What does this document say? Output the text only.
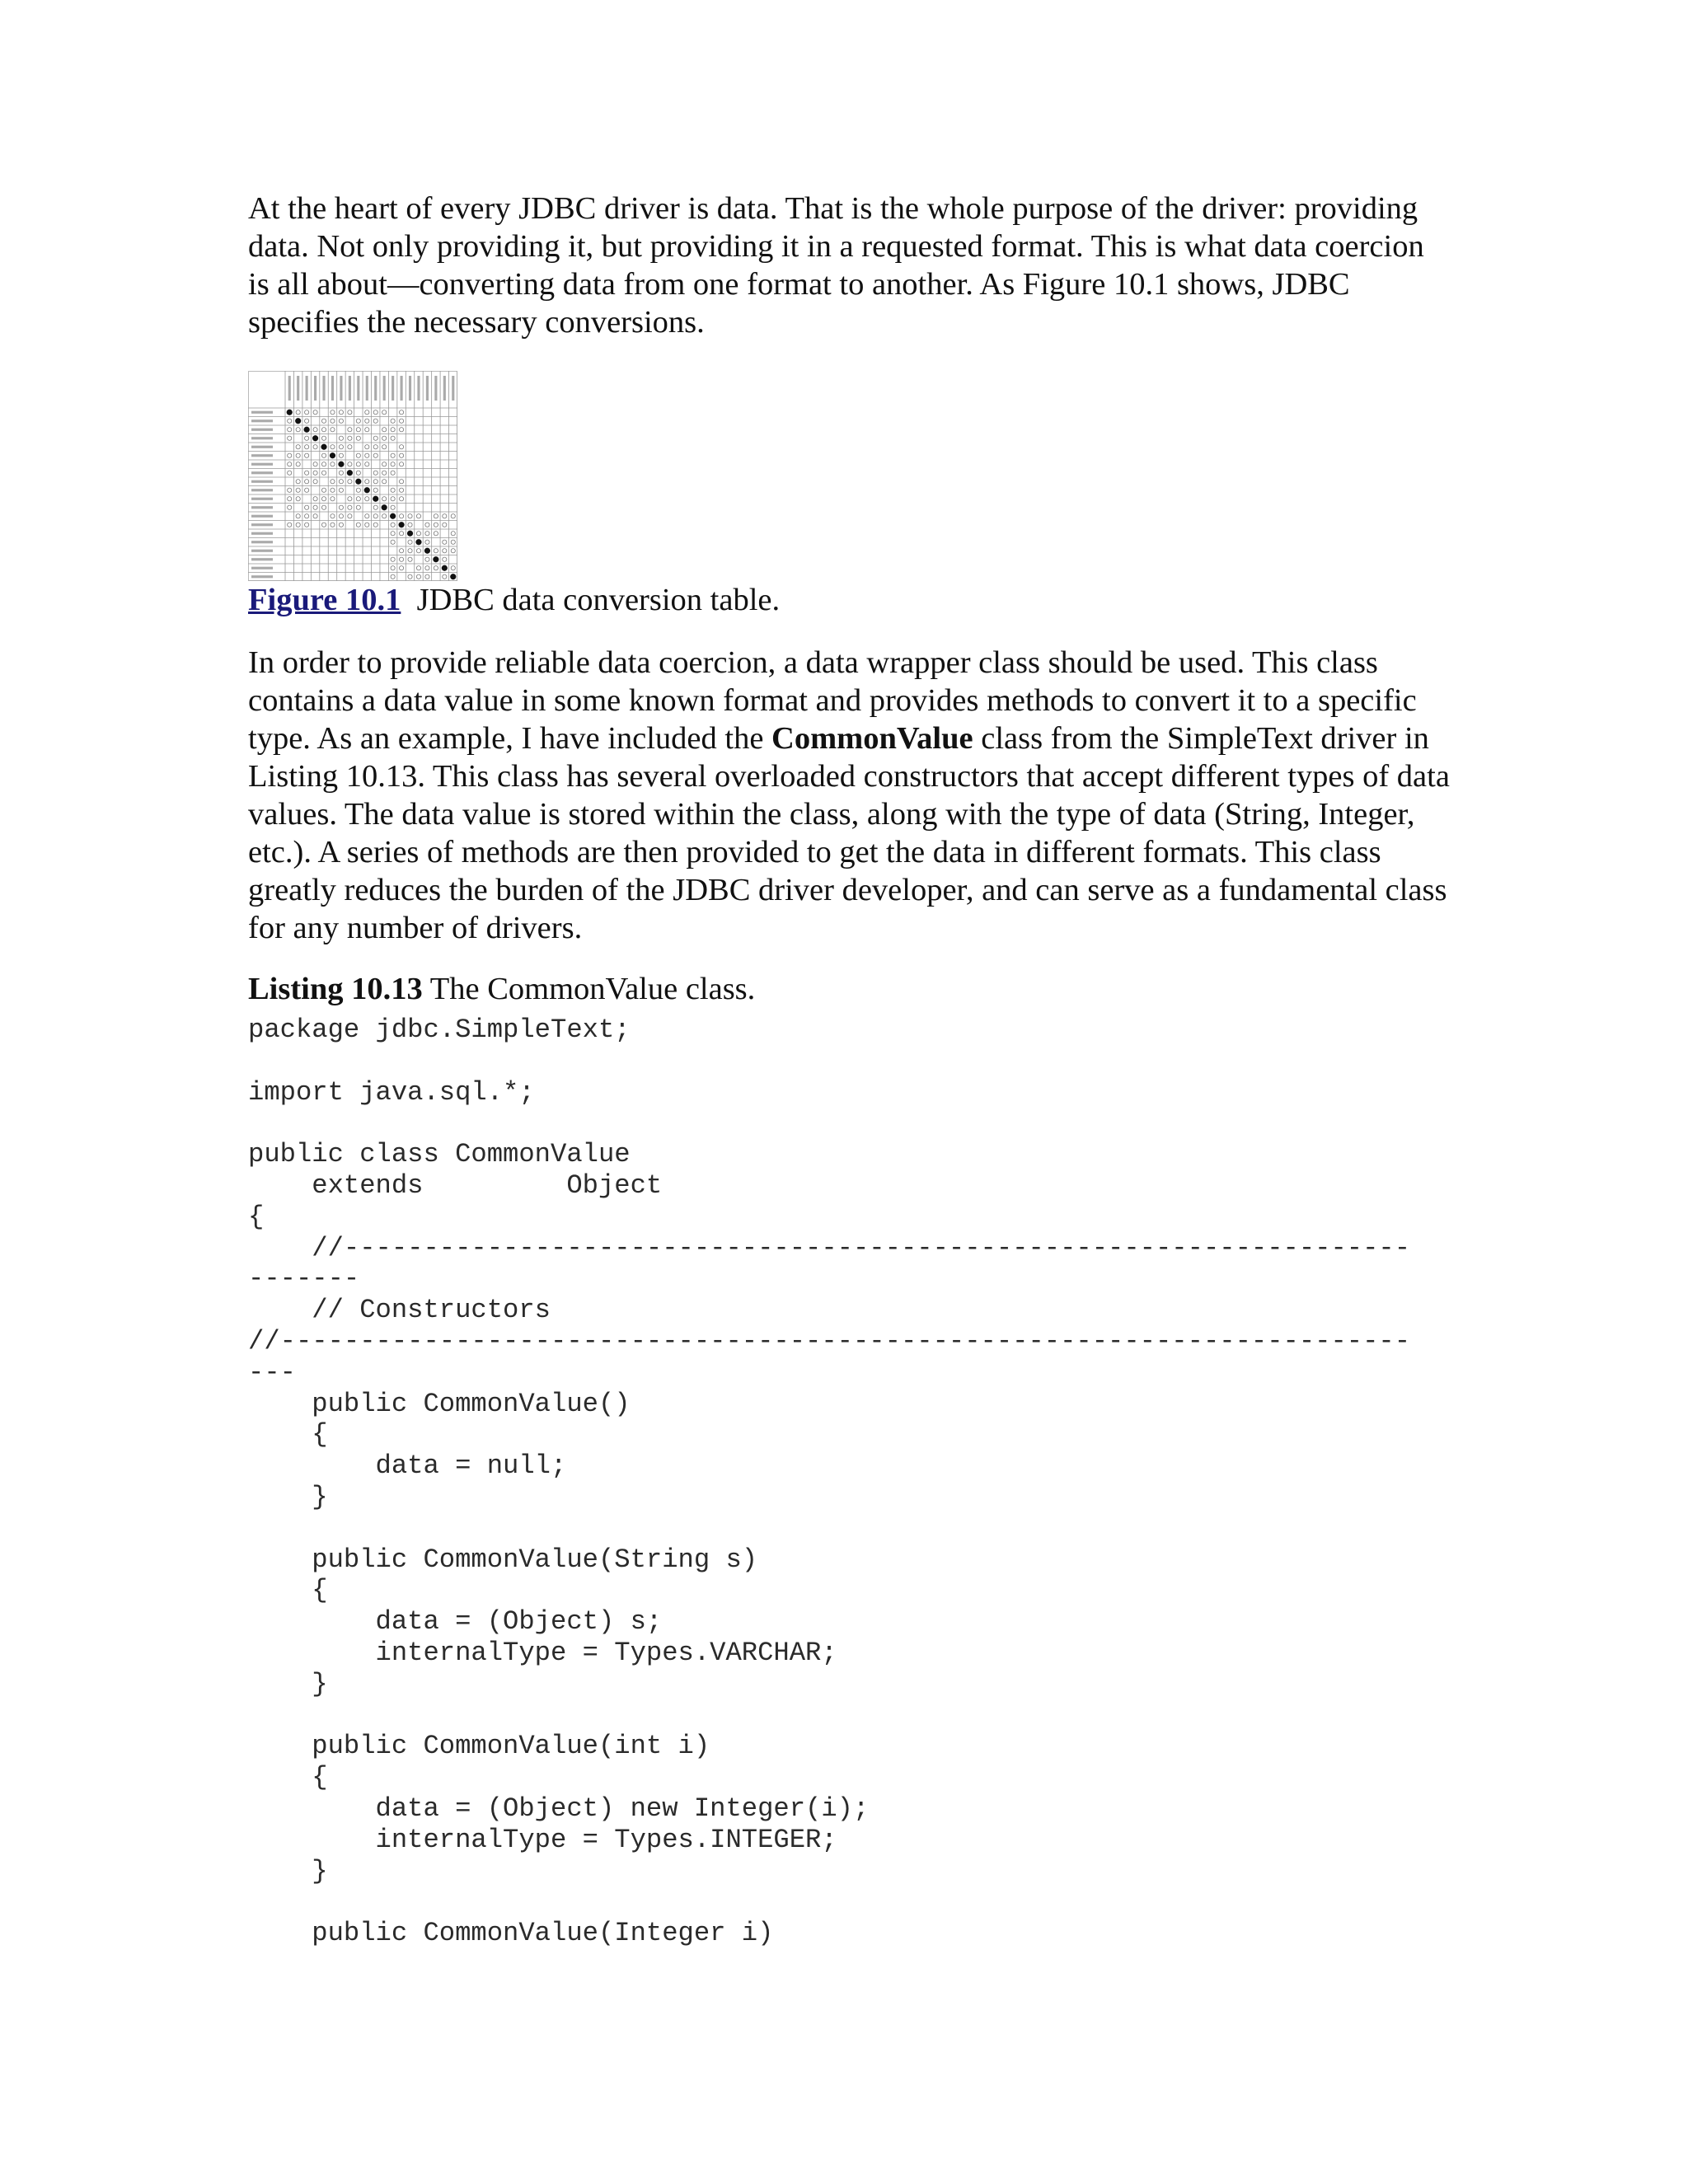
At the heart of every JDBC driver is data. That is the whole purpose of the driver: providing data. Not only providing it, but providing it in a requested format. This is what data coercion is all about—converting data from one format to another. As Figure 10.1 shows, JDBC specifies the necessary conversions.

Figure 10.1 JDBC data conversion table.

In order to provide reliable data coercion, a data wrapper class should be used. This class contains a data value in some known format and provides methods to convert it to a specific type. As an example, I have included the CommonValue class from the SimpleText driver in Listing 10.13. This class has several overloaded constructors that accept different types of data values. The data value is stored within the class, along with the type of data (String, Integer, etc.). A series of methods are then provided to get the data in different formats. This class greatly reduces the burden of the JDBC driver developer, and can serve as a fundamental class for any number of drivers.

Listing 10.13 The CommonValue class.
package jdbc.SimpleText;

import java.sql.*;

public class CommonValue
extends         Object
{
//-------------------------------------------------------------------
-------
// Constructors
//-----------------------------------------------------------------------
---
public CommonValue()
{
data = null;
}

public CommonValue(String s)
{
data = (Object) s;
internalType = Types.VARCHAR;
}

public CommonValue(int i)
{
data = (Object) new Integer(i);
internalType = Types.INTEGER;
}

public CommonValue(Integer i)
